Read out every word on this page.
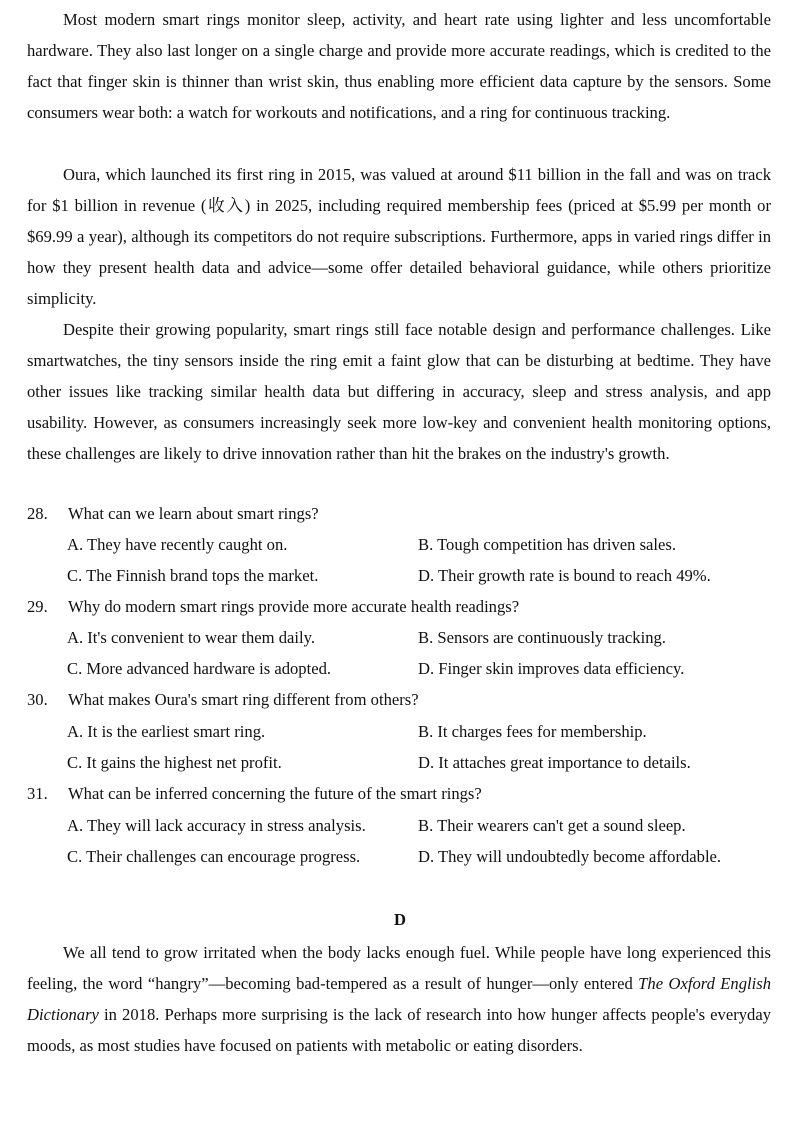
Most modern smart rings monitor sleep, activity, and heart rate using lighter and less uncomfortable hardware. They also last longer on a single charge and provide more accurate readings, which is credited to the fact that finger skin is thinner than wrist skin, thus enabling more efficient data capture by the sensors. Some consumers wear both: a watch for workouts and notifications, and a ring for continuous tracking.

Oura, which launched its first ring in 2015, was valued at around $11 billion in the fall and was on track for $1 billion in revenue (收入) in 2025, including required membership fees (priced at $5.99 per month or $69.99 a year), although its competitors do not require subscriptions. Furthermore, apps in varied rings differ in how they present health data and advice—some offer detailed behavioral guidance, while others prioritize simplicity.

Despite their growing popularity, smart rings still face notable design and performance challenges. Like smartwatches, the tiny sensors inside the ring emit a faint glow that can be disturbing at bedtime. They have other issues like tracking similar health data but differing in accuracy, sleep and stress analysis, and app usability. However, as consumers increasingly seek more low-key and convenient health monitoring options, these challenges are likely to drive innovation rather than hit the brakes on the industry's growth.

28. What can we learn about smart rings?
A. They have recently caught on.	B. Tough competition has driven sales.
C. The Finnish brand tops the market.	D. Their growth rate is bound to reach 49%.
29. Why do modern smart rings provide more accurate health readings?
A. It's convenient to wear them daily.	B. Sensors are continuously tracking.
C. More advanced hardware is adopted.	D. Finger skin improves data efficiency.
30. What makes Oura's smart ring different from others?
A. It is the earliest smart ring.	B. It charges fees for membership.
C. It gains the highest net profit.	D. It attaches great importance to details.
31. What can be inferred concerning the future of the smart rings?
A. They will lack accuracy in stress analysis.	B. Their wearers can't get a sound sleep.
C. Their challenges can encourage progress.	D. They will undoubtedly become affordable.
D

We all tend to grow irritated when the body lacks enough fuel. While people have long experienced this feeling, the word “hangry”—becoming bad-tempered as a result of hunger—only entered The Oxford English Dictionary in 2018. Perhaps more surprising is the lack of research into how hunger affects people's everyday moods, as most studies have focused on patients with metabolic or eating disorders.
